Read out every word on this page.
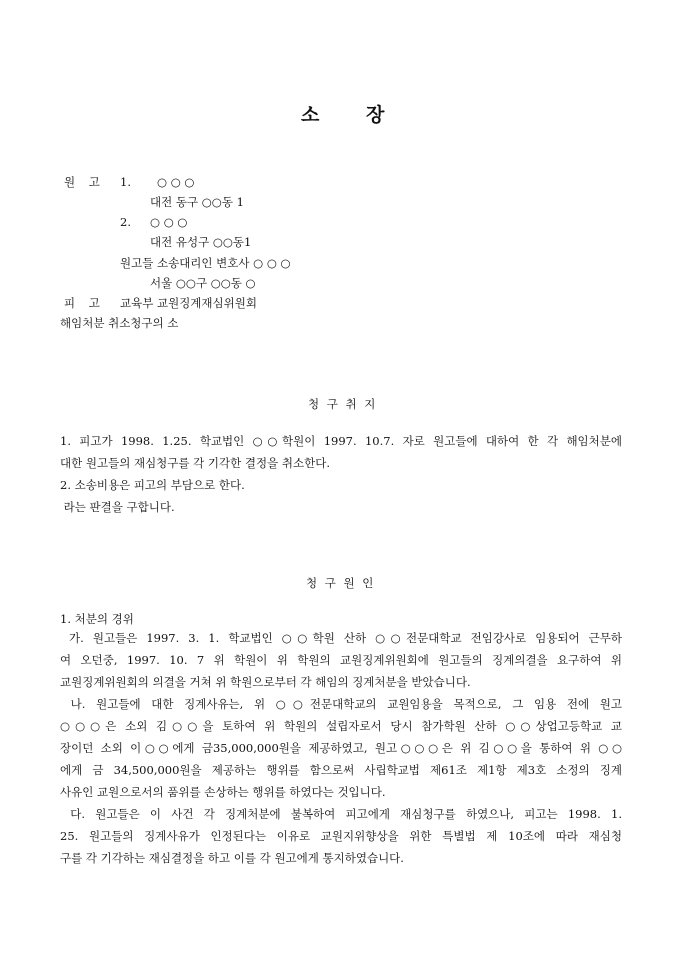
소 장
원 고 1. ○ ○ ○
대전 동구 ○○동 1
2. ○ ○ ○
대전 유성구 ○○동1
원고들 소송대리인 변호사 ○ ○ ○
서울 ○○구 ○○동 ○
피 고 교육부 교원징계재심위원회
해임처분 취소청구의 소
청 구 취 지
1. 피고가 1998. 1.25. 학교법인 ○○학원이 1997. 10.7. 자로 원고들에 대하여 한 각 해임처분에
대한 원고들의 재심청구를 각 기각한 결정을 취소한다.
2. 소송비용은 피고의 부담으로 한다.
라는 판결을 구합니다.
청 구 원 인
1. 처분의 경위
가. 원고들은 1997. 3. 1. 학교법인 ○○학원 산하 ○○전문대학교 전임강사로 임용되어 근무하
여 오던중, 1997. 10. 7 위 학원이 위 학원의 교원징계위원회에 원고들의 징계의결을 요구하여 위
교원징계위원회의 의결을 거쳐 위 학원으로부터 각 해임의 징계처분을 받았습니다.
나. 원고들에 대한 징계사유는, 위 ○○전문대학교의 교원임용을 목적으로, 그 임용 전에 원고
○○○은 소외 김○○을 토하여 위 학원의 설립자로서 당시 참가학원 산하 ○○상업고등학교 교
장이던 소외 이○○에게 금35,000,000원을 제공하였고, 원고○○○은 위 김○○을 통하여 위 ○○
에게 금 34,500,000원을 제공하는 행위를 함으로써 사립학교법 제61조 제1항 제3호 소정의 징계
사유인 교원으로서의 품위를 손상하는 행위를 하였다는 것입니다.
다. 원고들은 이 사건 각 징계처분에 불복하여 피고에게 재심청구를 하였으나, 피고는 1998. 1.
25. 원고들의 징계사유가 인정된다는 이유로 교원지위향상을 위한 특별법 제 10조에 따라 재심청
구를 각 기각하는 재심결정을 하고 이를 각 원고에게 통지하였습니다.
